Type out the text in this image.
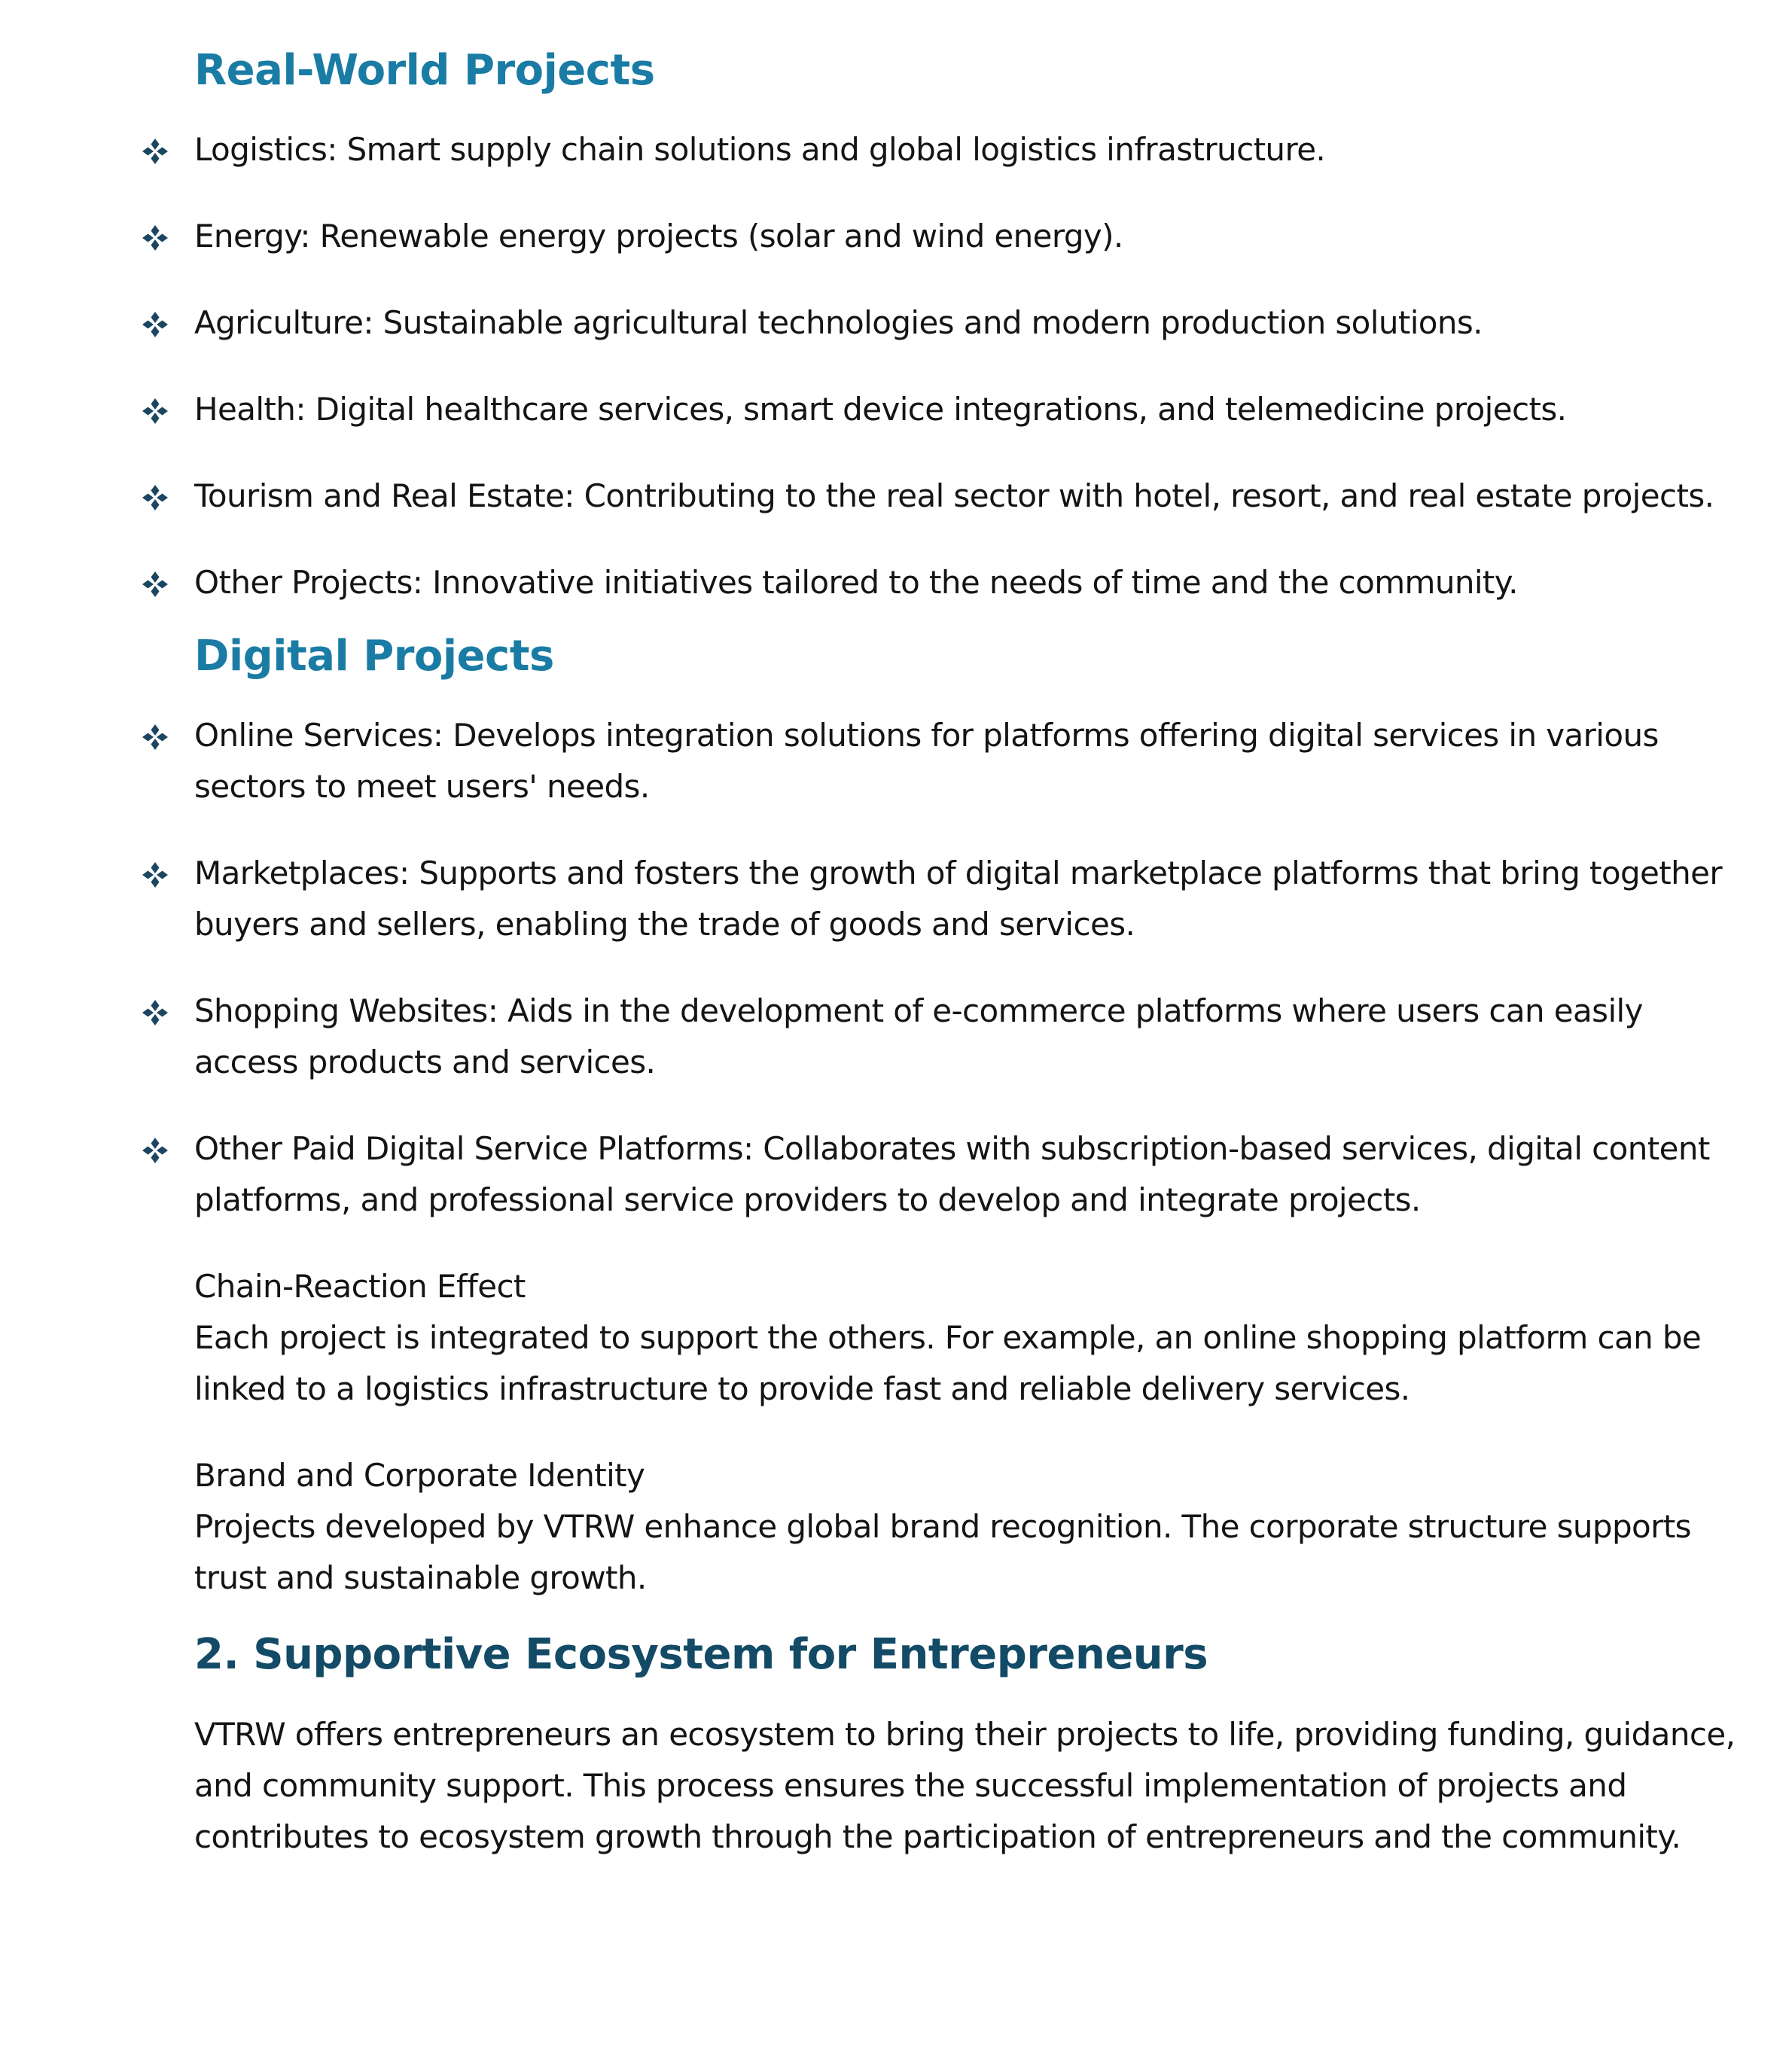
Real-World Projects
Logistics: Smart supply chain solutions and global logistics infrastructure.
Energy: Renewable energy projects (solar and wind energy).
Agriculture: Sustainable agricultural technologies and modern production solutions.
Health: Digital healthcare services, smart device integrations, and telemedicine projects.
Tourism and Real Estate: Contributing to the real sector with hotel, resort, and real estate projects.
Other Projects: Innovative initiatives tailored to the needs of time and the community.
Digital Projects
Online Services: Develops integration solutions for platforms offering digital services in various sectors to meet users' needs.
Marketplaces: Supports and fosters the growth of digital marketplace platforms that bring together buyers and sellers, enabling the trade of goods and services.
Shopping Websites: Aids in the development of e-commerce platforms where users can easily access products and services.
Other Paid Digital Service Platforms: Collaborates with subscription-based services, digital content platforms, and professional service providers to develop and integrate projects.

Chain-Reaction Effect

Each project is integrated to support the others. For example, an online shopping platform can be linked to a logistics infrastructure to provide fast and reliable delivery services.

Brand and Corporate Identity

Projects developed by VTRW enhance global brand recognition. The corporate structure supports trust and sustainable growth.

2. Supportive Ecosystem for Entrepreneurs

VTRW offers entrepreneurs an ecosystem to bring their projects to life, providing funding, guidance, and community support. This process ensures the successful implementation of projects and contributes to ecosystem growth through the participation of entrepreneurs and the community.
